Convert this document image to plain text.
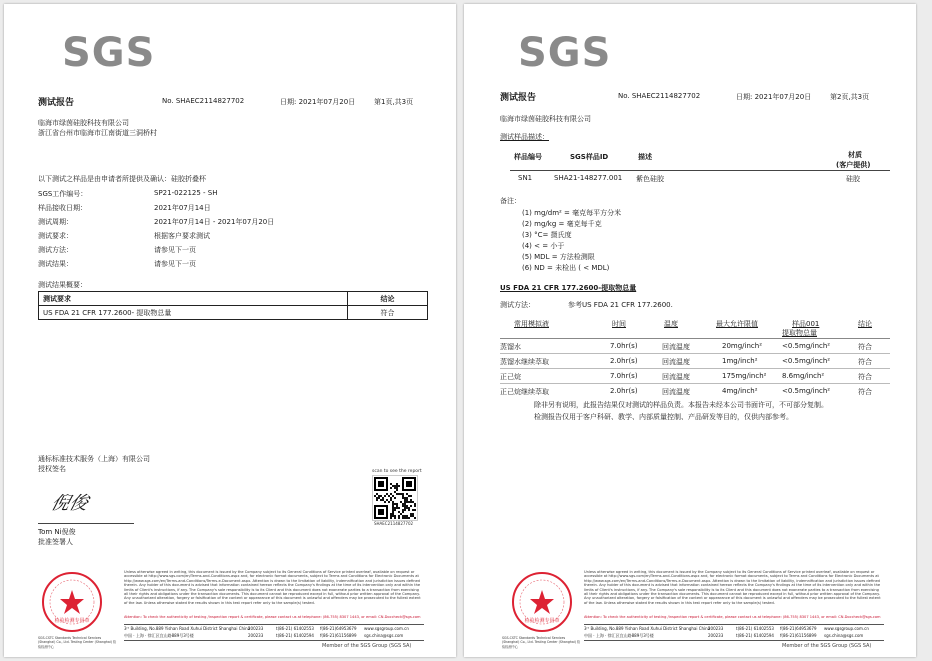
SGS
测试报告	No. SHAEC2114827702	日期: 2021年07月20日	第1页,共3页
临海市绿茵硅胶科技有限公司
浙江省台州市临海市江南街道三洞桥村
以下测试之样品是由申请者所提供及确认：硅胶折叠杯
SGS工作编号：	SP21-022125 - SH
样品接收日期：	2021年07月14日
测试周期：	2021年07月14日 - 2021年07月20日
测试要求：	根据客户要求测试
测试方法：	请参见下一页
测试结果：	请参见下一页
测试结果概要：
测试要求	结论
US FDA 21 CFR 177.2600- 提取物总量	符合
通标标准技术服务（上海）有限公司
授权签名
倪俊
Tom Ni倪俊
批准签署人
scan to see the report
SHAEC2114827702
检验检测专用章
SGS-CSTC Standards Technical Services (Shanghai) Co., Ltd. Testing Center (Shanghai) 检验检测中心
Unless otherwise agreed in writing, this document is issued by the Company subject to its General Conditions of Service printed overleaf, available on request or accessible at http://www.sgs.com/en/Terms-and-Conditions.aspx and, for electronic format documents, subject to Terms and Conditions for Electronic Documents at http://www.sgs.com/en/Terms-and-Conditions/Terms-e-Document.aspx. Attention is drawn to the limitation of liability, indemnification and jurisdiction issues defined therein. Any holder of this document is advised that information contained hereon reflects the Company's findings at the time of its intervention only and within the limits of Client's instructions, if any. The Company's sole responsibility is to its Client and this document does not exonerate parties to a transaction from exercising all their rights and obligations under the transaction documents. This document cannot be reproduced except in full, without prior written approval of the Company. Any unauthorized alteration, forgery or falsification of the content or appearance of this document is unlawful and offenders may be prosecuted to the fullest extent of the law. Unless otherwise stated the results shown in this test report refer only to the sample(s) tested.
Attention: To check the authenticity of testing /inspection report & certificate, please contact us at telephone: (86-755) 8307 1443, or email: CN.Doccheck@sgs.com
3ʳᵈ Building, No.889 Yishan Road Xuhui District Shanghai China
200233	t(86-21) 61402553 f(86-21)64953679 www.sgsgroup.com.cn
中国 · 上海 · 徐汇区宜山路889号3号楼	200233	t(86-21) 61402594 f(86-21)61156899 sgs.china@sgs.com
Member of the SGS Group (SGS SA)
SGS
测试报告	No. SHAEC2114827702	日期: 2021年07月20日	第2页,共3页
临海市绿茵硅胶科技有限公司
测试样品描述：
样品编号	SGS样品ID	描述	材质
(客户提供)
SN1	SHA21-148277.001 紫色硅胶	硅胶
备注：
(1) mg/dm² = 毫克每平方分米
(2) mg/kg = 毫克每千克
(3) °C= 摄氏度
(4) < = 小于
(5) MDL = 方法检测限
(6) ND = 未检出 ( < MDL)
US FDA 21 CFR 177.2600-提取物总量
测试方法：	参考US FDA 21 CFR 177.2600.
常用模拟液	时间	温度	最大允许限值	样品001
提取物总量
结论
蒸馏水	7.0hr(s)	回流温度	20mg/inch²	<0.5mg/inch²	符合
蒸馏水继续萃取	2.0hr(s)	回流温度	1mg/inch²	<0.5mg/inch²	符合
正己烷	7.0hr(s)	回流温度	175mg/inch² 8.6mg/inch²	符合
正己烷继续萃取	2.0hr(s)	回流温度	4mg/inch²	<0.5mg/inch²	符合
除非另有说明，此报告结果仅对测试的样品负责。本报告未经本公司书面许可，不可部分复制。
检测报告仅用于客户科研、教学、内部质量控制、产品研发等目的，仅供内部参考。
检验检测专用章
SGS-CSTC Standards Technical Services (Shanghai) Co., Ltd. Testing Center (Shanghai) 检验检测中心
Unless otherwise agreed in writing, this document is issued by the Company subject to its General Conditions of Service printed overleaf, available on request or accessible at http://www.sgs.com/en/Terms-and-Conditions.aspx and, for electronic format documents, subject to Terms and Conditions for Electronic Documents at http://www.sgs.com/en/Terms-and-Conditions/Terms-e-Document.aspx. Attention is drawn to the limitation of liability, indemnification and jurisdiction issues defined therein. Any holder of this document is advised that information contained hereon reflects the Company's findings at the time of its intervention only and within the limits of Client's instructions, if any. The Company's sole responsibility is to its Client and this document does not exonerate parties to a transaction from exercising all their rights and obligations under the transaction documents. This document cannot be reproduced except in full, without prior written approval of the Company. Any unauthorized alteration, forgery or falsification of the content or appearance of this document is unlawful and offenders may be prosecuted to the fullest extent of the law. Unless otherwise stated the results shown in this test report refer only to the sample(s) tested.
Attention: To check the authenticity of testing /inspection report & certificate, please contact us at telephone: (86-755) 8307 1443, or email: CN.Doccheck@sgs.com
3ʳᵈ Building, No.889 Yishan Road Xuhui District Shanghai China
200233	t(86-21) 61402553 f(86-21)64953679 www.sgsgroup.com.cn
中国 · 上海 · 徐汇区宜山路889号3号楼	200233	t(86-21) 61402594 f(86-21)61156899 sgs.china@sgs.com
Member of the SGS Group (SGS SA)
